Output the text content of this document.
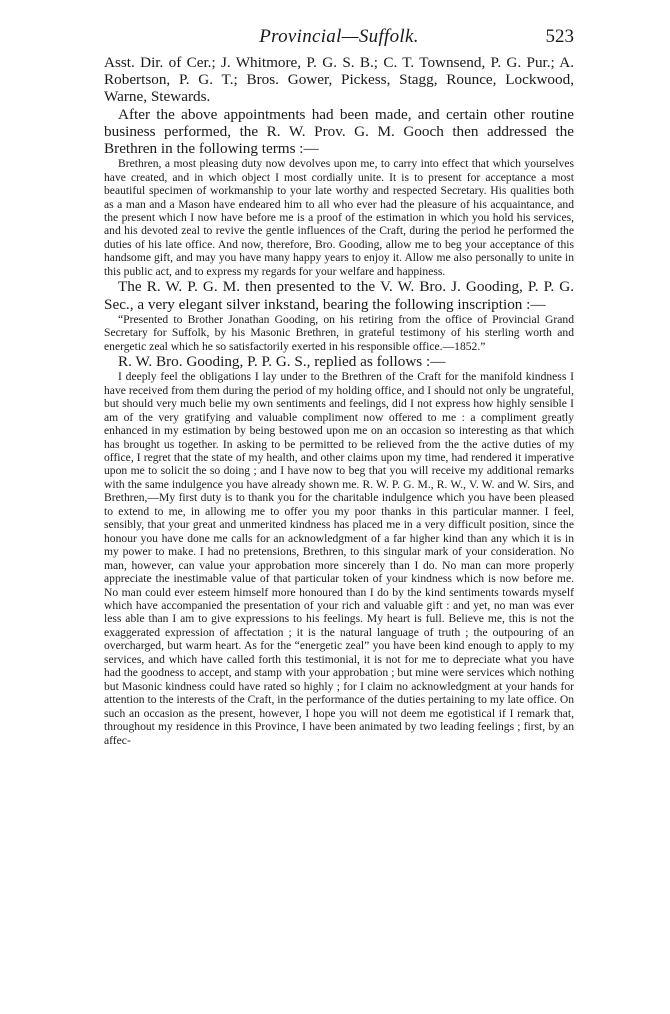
Provincial—Suffolk.	523

Asst. Dir. of Cer.; J. Whitmore, P. G. S. B.; C. T. Townsend, P. G. Pur.; A. Robertson, P. G. T.; Bros. Gower, Pickess, Stagg, Rounce, Lockwood, Warne, Stewards.

After the above appointments had been made, and certain other routine business performed, the R. W. Prov. G. M. Gooch then addressed the Brethren in the following terms :—

Brethren, a most pleasing duty now devolves upon me, to carry into effect that which yourselves have created, and in which object I most cordially unite. It is to present for acceptance a most beautiful specimen of workmanship to your late worthy and respected Secretary. His qualities both as a man and a Mason have endeared him to all who ever had the pleasure of his acquaintance, and the present which I now have before me is a proof of the estimation in which you hold his services, and his devoted zeal to revive the gentle influences of the Craft, during the period he performed the duties of his late office. And now, therefore, Bro. Gooding, allow me to beg your acceptance of this handsome gift, and may you have many happy years to enjoy it. Allow me also personally to unite in this public act, and to express my regards for your welfare and happiness.

The R. W. P. G. M. then presented to the V. W. Bro. J. Gooding, P. P. G. Sec., a very elegant silver inkstand, bearing the following inscription :—

“Presented to Brother Jonathan Gooding, on his retiring from the office of Provincial Grand Secretary for Suffolk, by his Masonic Brethren, in grateful testimony of his sterling worth and energetic zeal which he so satisfactorily exerted in his responsible office.—1852.”

R. W. Bro. Gooding, P. P. G. S., replied as follows :—

I deeply feel the obligations I lay under to the Brethren of the Craft for the manifold kindness I have received from them during the period of my holding office, and I should not only be ungrateful, but should very much belie my own sentiments and feelings, did I not express how highly sensible I am of the very gratifying and valuable compliment now offered to me : a compliment greatly enhanced in my estimation by being bestowed upon me on an occasion so interesting as that which has brought us together. In asking to be permitted to be relieved from the the active duties of my office, I regret that the state of my health, and other claims upon my time, had rendered it imperative upon me to solicit the so doing ; and I have now to beg that you will receive my additional remarks with the same indulgence you have already shown me. R. W. P. G. M., R. W., V. W. and W. Sirs, and Brethren,—My first duty is to thank you for the charitable indulgence which you have been pleased to extend to me, in allowing me to offer you my poor thanks in this particular manner. I feel, sensibly, that your great and unmerited kindness has placed me in a very difficult position, since the honour you have done me calls for an acknowledgment of a far higher kind than any which it is in my power to make. I had no pretensions, Brethren, to this singular mark of your consideration. No man, however, can value your approbation more sincerely than I do. No man can more properly appreciate the inestimable value of that particular token of your kindness which is now before me. No man could ever esteem himself more honoured than I do by the kind sentiments towards myself which have accompanied the presentation of your rich and valuable gift : and yet, no man was ever less able than I am to give expressions to his feelings. My heart is full. Believe me, this is not the exaggerated expression of affectation ; it is the natural language of truth ; the outpouring of an overcharged, but warm heart. As for the “energetic zeal” you have been kind enough to apply to my services, and which have called forth this testimonial, it is not for me to depreciate what you have had the goodness to accept, and stamp with your approbation ; but mine were services which nothing but Masonic kindness could have rated so highly ; for I claim no acknowledgment at your hands for attention to the interests of the Craft, in the performance of the duties pertaining to my late office. On such an occasion as the present, however, I hope you will not deem me egotistical if I remark that, throughout my residence in this Province, I have been animated by two leading feelings ; first, by an affec-
